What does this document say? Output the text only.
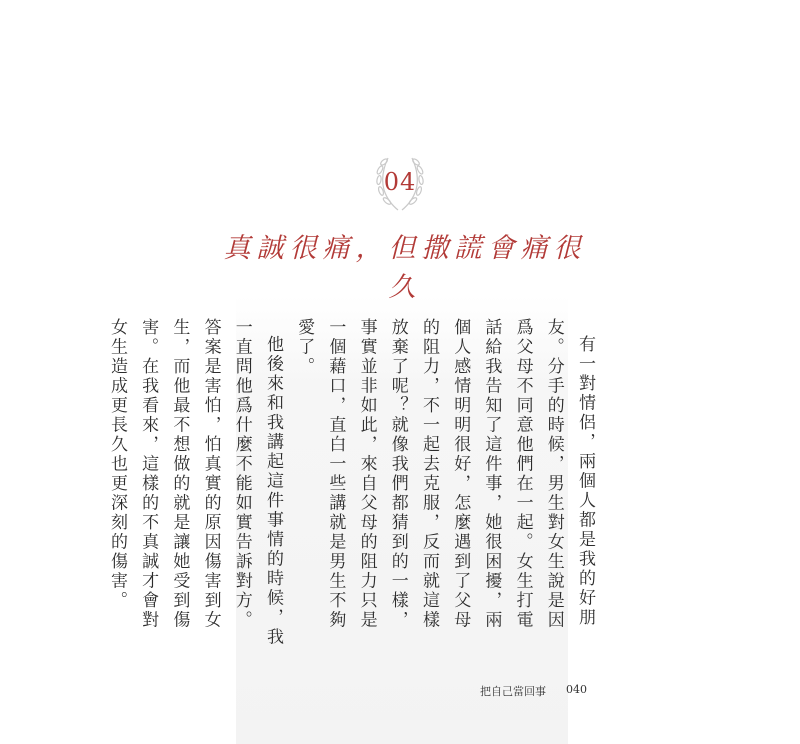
04
真誠很痛，但撒謊會痛很久

有一對情侶，兩個人都是我的好朋友。分手的時候，男生對女生說是因爲父母不同意他們在一起。女生打電話給我告知了這件事，她很困擾，兩個人感情明明很好，怎麼遇到了父母的阻力，不一起去克服，反而就這樣放棄了呢？就像我們都猜到的一樣，事實並非如此，來自父母的阻力只是一個藉口，直白一些講就是男生不夠愛了。

他後來和我講起這件事情的時候，我一直問他爲什麼不能如實告訴對方。答案是害怕，怕真實的原因傷害到女生，而他最不想做的就是讓她受到傷害。在我看來，這樣的不真誠才會對女生造成更長久也更深刻的傷害。

把自己當回事 040
